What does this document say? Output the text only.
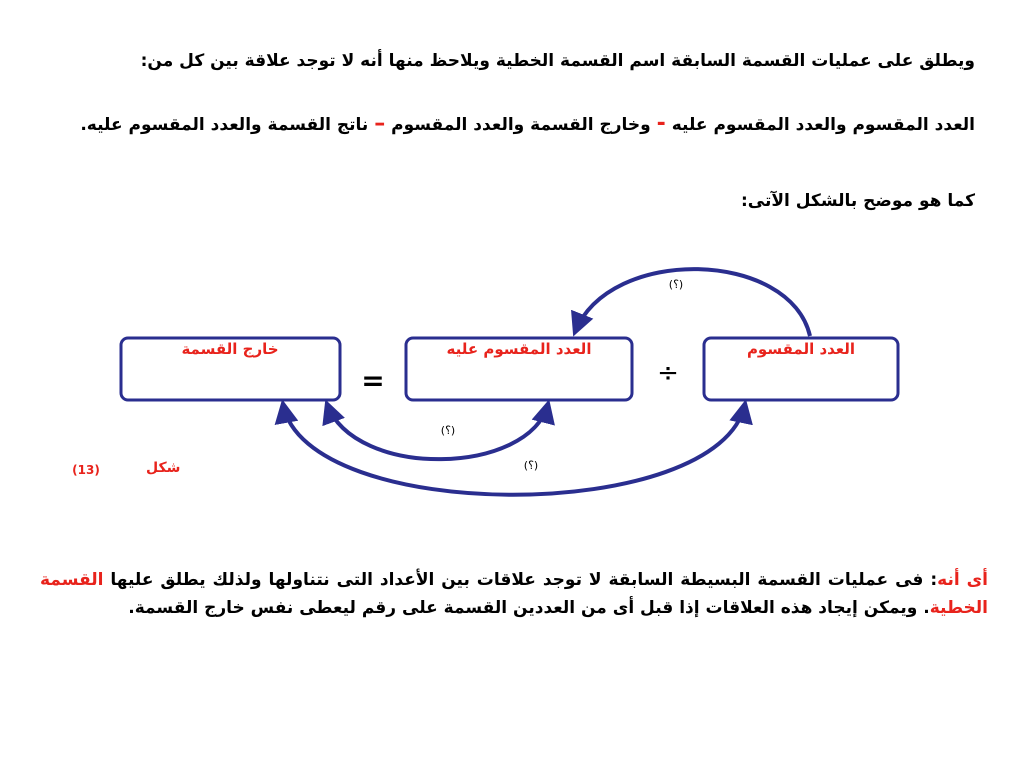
ويطلق على عمليات القسمة السابقة اسم القسمة الخطية ويلاحظ منها أنه لا توجد علاقة بين كل من:
العدد المقسوم والعدد المقسوم عليه - وخارج القسمة والعدد المقسوم – ناتج القسمة والعدد المقسوم عليه.
كما هو موضح بالشكل الآتى:
العدد المقسوم
العدد المقسوم عليه
خارج القسمة
÷
=
(؟)
(؟)
(؟)
شكل
(13)
أى أنه: فى عمليات القسمة البسيطة السابقة لا توجد علاقات بين الأعداد التى نتناولها ولذلك يطلق عليها القسمة الخطية. ويمكن إيجاد هذه العلاقات إذا قبل أى من العددين القسمة على رقم ليعطى نفس خارج القسمة.
